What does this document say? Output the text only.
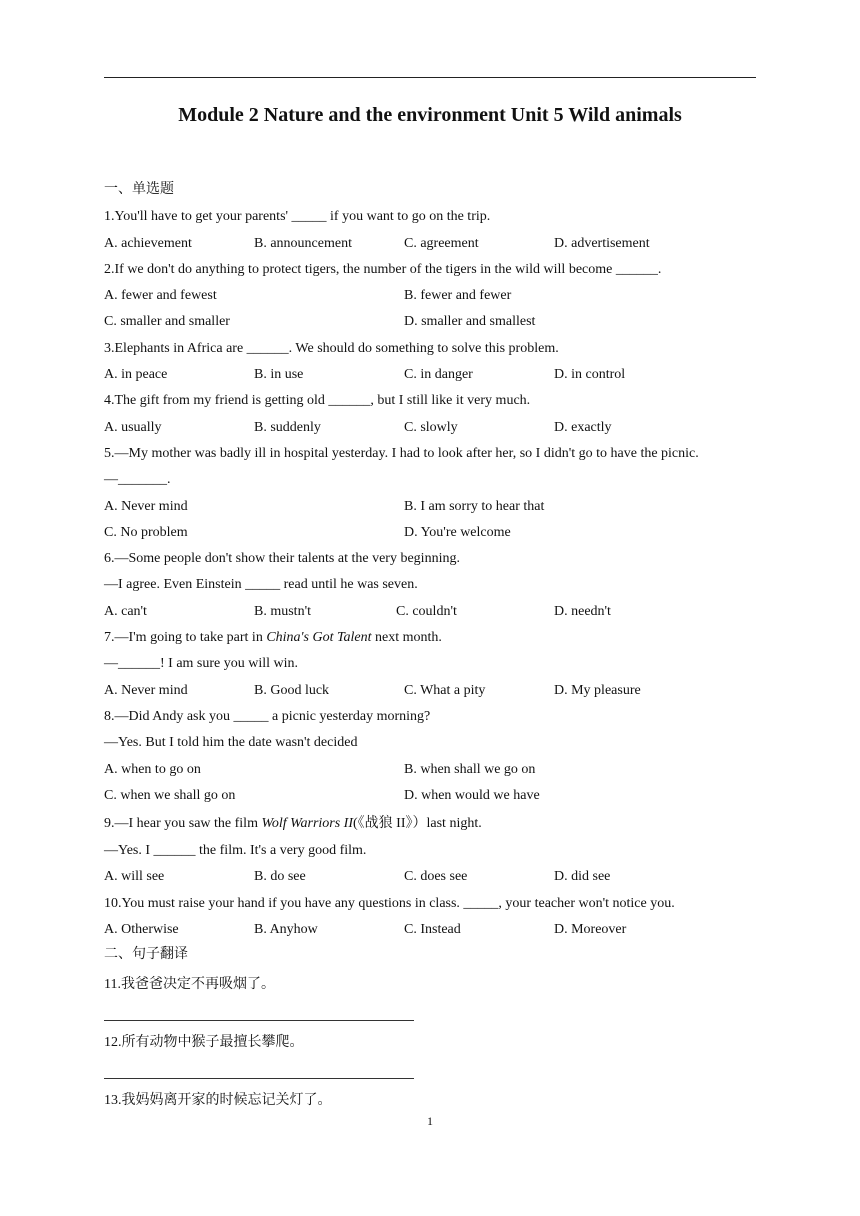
Module 2 Nature and the environment Unit 5 Wild animals
一、单选题
1.You'll have to get your parents' _____ if you want to go on the trip.
A. achievement	B. announcement	C. agreement	D. advertisement
2.If we don't do anything to protect tigers, the number of the tigers in the wild will become ______.
A. fewer and fewest	B. fewer and fewer
C. smaller and smaller	D. smaller and smallest
3.Elephants in Africa are ______. We should do something to solve this problem.
A. in peace	B. in use	C. in danger	D. in control
4.The gift from my friend is getting old ______, but I still like it very much.
A. usually	B. suddenly	C. slowly	D. exactly
5.—My mother was badly ill in hospital yesterday. I had to look after her, so I didn't go to have the picnic.
—_______.
A. Never mind	B. I am sorry to hear that
C. No problem	D. You're welcome
6.—Some people don't show their talents at the very beginning.
—I agree. Even Einstein _____ read until he was seven.
A. can't	B. mustn't	C. couldn't	D. needn't
7.—I'm going to take part in China's Got Talent next month.
—______! I am sure you will win.
A. Never mind	B. Good luck	C. What a pity	D. My pleasure
8.—Did Andy ask you _____ a picnic yesterday morning?
—Yes. But I told him the date wasn't decided
A. when to go on	B. when shall we go on
C. when we shall go on	D. when would we have
9.—I hear you saw the film Wolf Warriors II(《战狼 II》）last night.
—Yes. I ______ the film. It's a very good film.
A. will see	B. do see	C. does see	D. did see
10.You must raise your hand if you have any questions in class. _____, your teacher won't notice you.
A. Otherwise	B. Anyhow	C. Instead	D. Moreover
二、句子翻译
11.我爸爸决定不再吸烟了。
12.所有动物中猴子最擅长攀爬。
13.我妈妈离开家的时候忘记关灯了。
1
